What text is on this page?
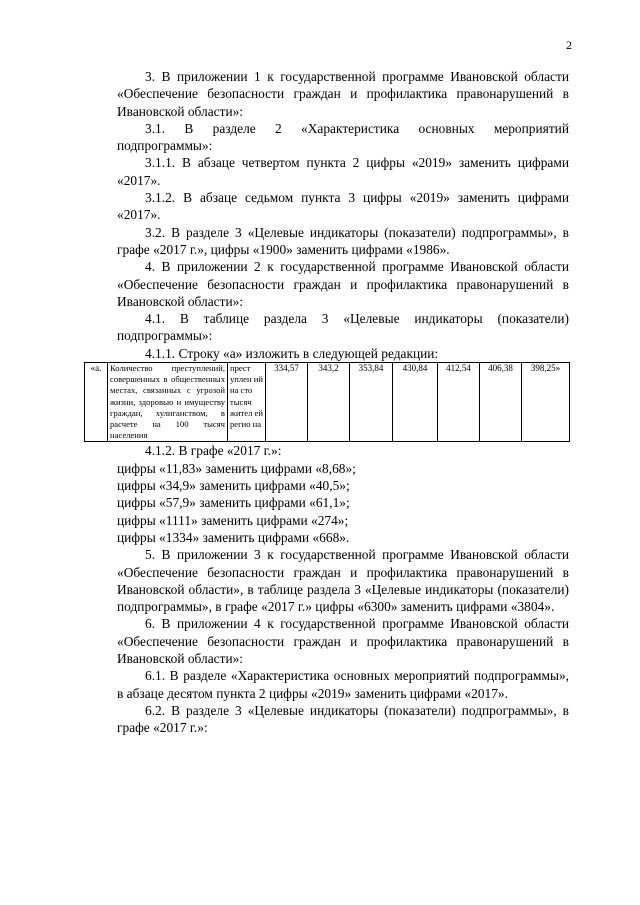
2

3. В приложении 1 к государственной программе Ивановской области «Обеспечение безопасности граждан и профилактика правонарушений в Ивановской области»:

3.1. В разделе 2 «Характеристика основных мероприятий подпрограммы»:

3.1.1. В абзаце четвертом пункта 2 цифры «2019» заменить цифрами «2017».

3.1.2. В абзаце седьмом пункта 3 цифры «2019» заменить цифрами «2017».

3.2. В разделе 3 «Целевые индикаторы (показатели) подпрограммы», в графе «2017 г.», цифры «1900» заменить цифрами «1986».

4. В приложении 2 к государственной программе Ивановской области «Обеспечение безопасности граждан и профилактика правонарушений в Ивановской области»:

4.1. В таблице раздела 3 «Целевые индикаторы (показатели) подпрограммы»:

4.1.1. Строку «а» изложить в следующей редакции:

«а.	Количество преступлений, совершенных в общественных местах, связанных с угрозой жизни, здоровью и имуществу граждан, хулиганством, в расчете на 100 тысяч населения	прест уплен ий на сто тысяч жител ей регио на	334,57	343,2	353,84	430,84	412,54	406,38	398,25»

4.1.2. В графе «2017 г.»:

цифры «11,83» заменить цифрами «8,68»;

цифры «34,9» заменить цифрами «40,5»;

цифры «57,9» заменить цифрами «61,1»;

цифры «1111» заменить цифрами «274»;

цифры «1334» заменить цифрами «668».

5. В приложении 3 к государственной программе Ивановской области «Обеспечение безопасности граждан и профилактика правонарушений в Ивановской области», в таблице раздела 3 «Целевые индикаторы (показатели) подпрограммы», в графе «2017 г.» цифры «6300» заменить цифрами «3804».

6. В приложении 4 к государственной программе Ивановской области «Обеспечение безопасности граждан и профилактика правонарушений в Ивановской области»:

6.1. В разделе «Характеристика основных мероприятий подпрограммы», в абзаце десятом пункта 2 цифры «2019» заменить цифрами «2017».

6.2. В разделе 3 «Целевые индикаторы (показатели) подпрограммы», в графе «2017 г.»:
